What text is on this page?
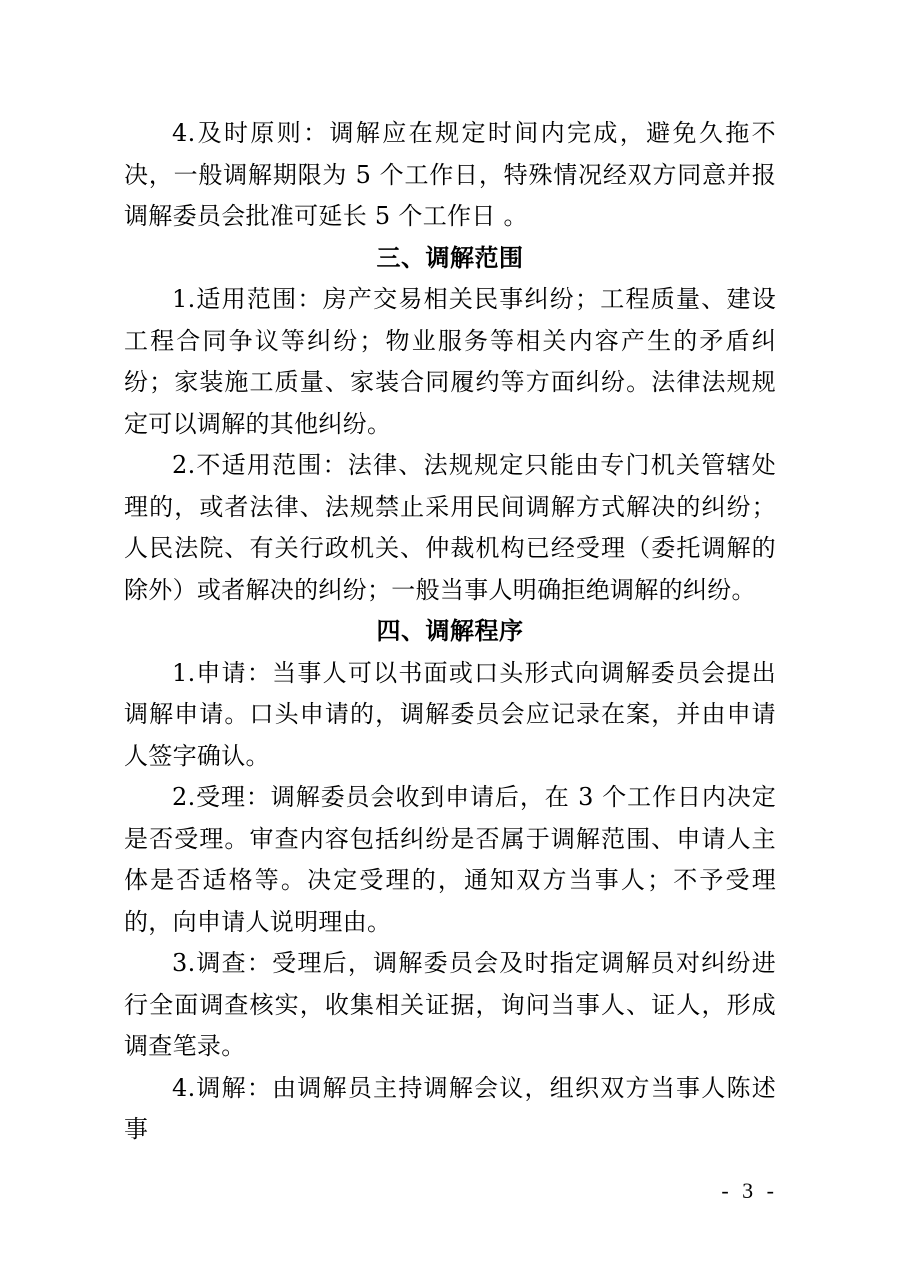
4.及时原则：调解应在规定时间内完成，避免久拖不决，一般调解期限为 5 个工作日，特殊情况经双方同意并报调解委员会批准可延长 5 个工作日 。

三、调解范围

1.适用范围：房产交易相关民事纠纷；工程质量、建设工程合同争议等纠纷；物业服务等相关内容产生的矛盾纠纷；家装施工质量、家装合同履约等方面纠纷。法律法规规定可以调解的其他纠纷。

2.不适用范围：法律、法规规定只能由专门机关管辖处理的，或者法律、法规禁止采用民间调解方式解决的纠纷；人民法院、有关行政机关、仲裁机构已经受理（委托调解的除外）或者解决的纠纷；一般当事人明确拒绝调解的纠纷。

四、调解程序

1.申请：当事人可以书面或口头形式向调解委员会提出调解申请。口头申请的，调解委员会应记录在案，并由申请人签字确认。

2.受理：调解委员会收到申请后，在 3 个工作日内决定是否受理。审查内容包括纠纷是否属于调解范围、申请人主体是否适格等。决定受理的，通知双方当事人；不予受理的，向申请人说明理由。

3.调查：受理后，调解委员会及时指定调解员对纠纷进行全面调查核实，收集相关证据，询问当事人、证人，形成调查笔录。

4.调解：由调解员主持调解会议，组织双方当事人陈述事

- 3 -
